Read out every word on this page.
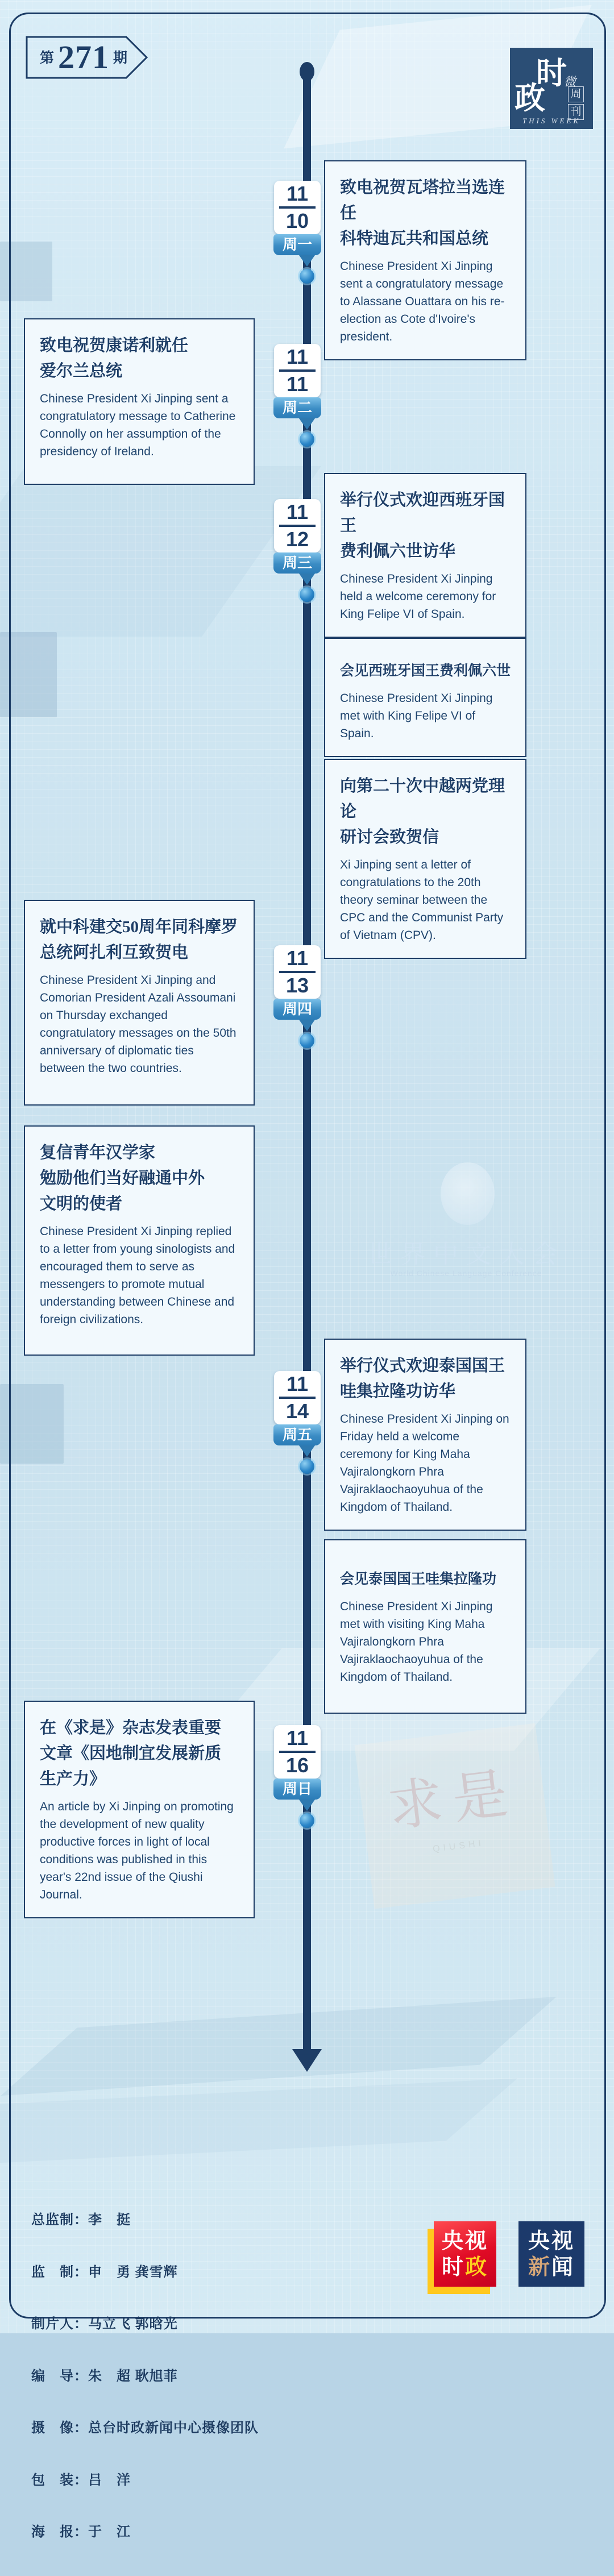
世界中文大会
World Chinese Language Conference
求是
QIUSHI
第 271 期	时
政 微
周
刊
THIS WEEK
11
10
周一
11
11
周二
11
12
周三
11
13
周四
11
14
周五
11
16
周日
致电祝贺瓦塔拉当选连任
科特迪瓦共和国总统
Chinese President Xi Jinping sent a congratulatory message to Alassane Ouattara on his re-election as Cote d'Ivoire's president.
致电祝贺康诺利就任
爱尔兰总统
Chinese President Xi Jinping sent a congratulatory message to Catherine Connolly on her assumption of the presidency of Ireland.
举行仪式欢迎西班牙国王
费利佩六世访华
Chinese President Xi Jinping held a welcome ceremony for King Felipe VI of Spain.
会见西班牙国王费利佩六世
Chinese President Xi Jinping met with King Felipe VI of Spain.
向第二十次中越两党理论
研讨会致贺信
Xi Jinping sent a letter of congratulations to the 20th theory seminar between the CPC and the Communist Party of Vietnam (CPV).
就中科建交50周年同科摩罗
总统阿扎利互致贺电
Chinese President Xi Jinping and Comorian President Azali Assoumani on Thursday exchanged congratulatory messages on the 50th anniversary of diplomatic ties between the two countries.
复信青年汉学家
勉励他们当好融通中外
文明的使者
Chinese President Xi Jinping replied to a letter from young sinologists and encouraged them to serve as messengers to promote mutual understanding between Chinese and foreign civilizations.
举行仪式欢迎泰国国王
哇集拉隆功访华
Chinese President Xi Jinping on Friday held a welcome ceremony for King Maha Vajiralongkorn Phra Vajiraklaochaoyuhua of the Kingdom of Thailand.
会见泰国国王哇集拉隆功
Chinese President Xi Jinping met with visiting King Maha Vajiralongkorn Phra Vajiraklaochaoyuhua of the Kingdom of Thailand.
在《求是》杂志发表重要
文章《因地制宜发展新质
生产力》
An article by Xi Jinping on promoting the development of new quality productive forces in light of local conditions was published in this year's 22nd issue of the Qiushi Journal.

总监制：李　挺

监　制：申　勇 龚雪辉

制片人：马立飞 郭晗光

编　导：朱　超 耿旭菲

摄　像：总台时政新闻中心摄像团队

包　装：吕　洋

海　报：于　江

央视
时政
央视
新闻
